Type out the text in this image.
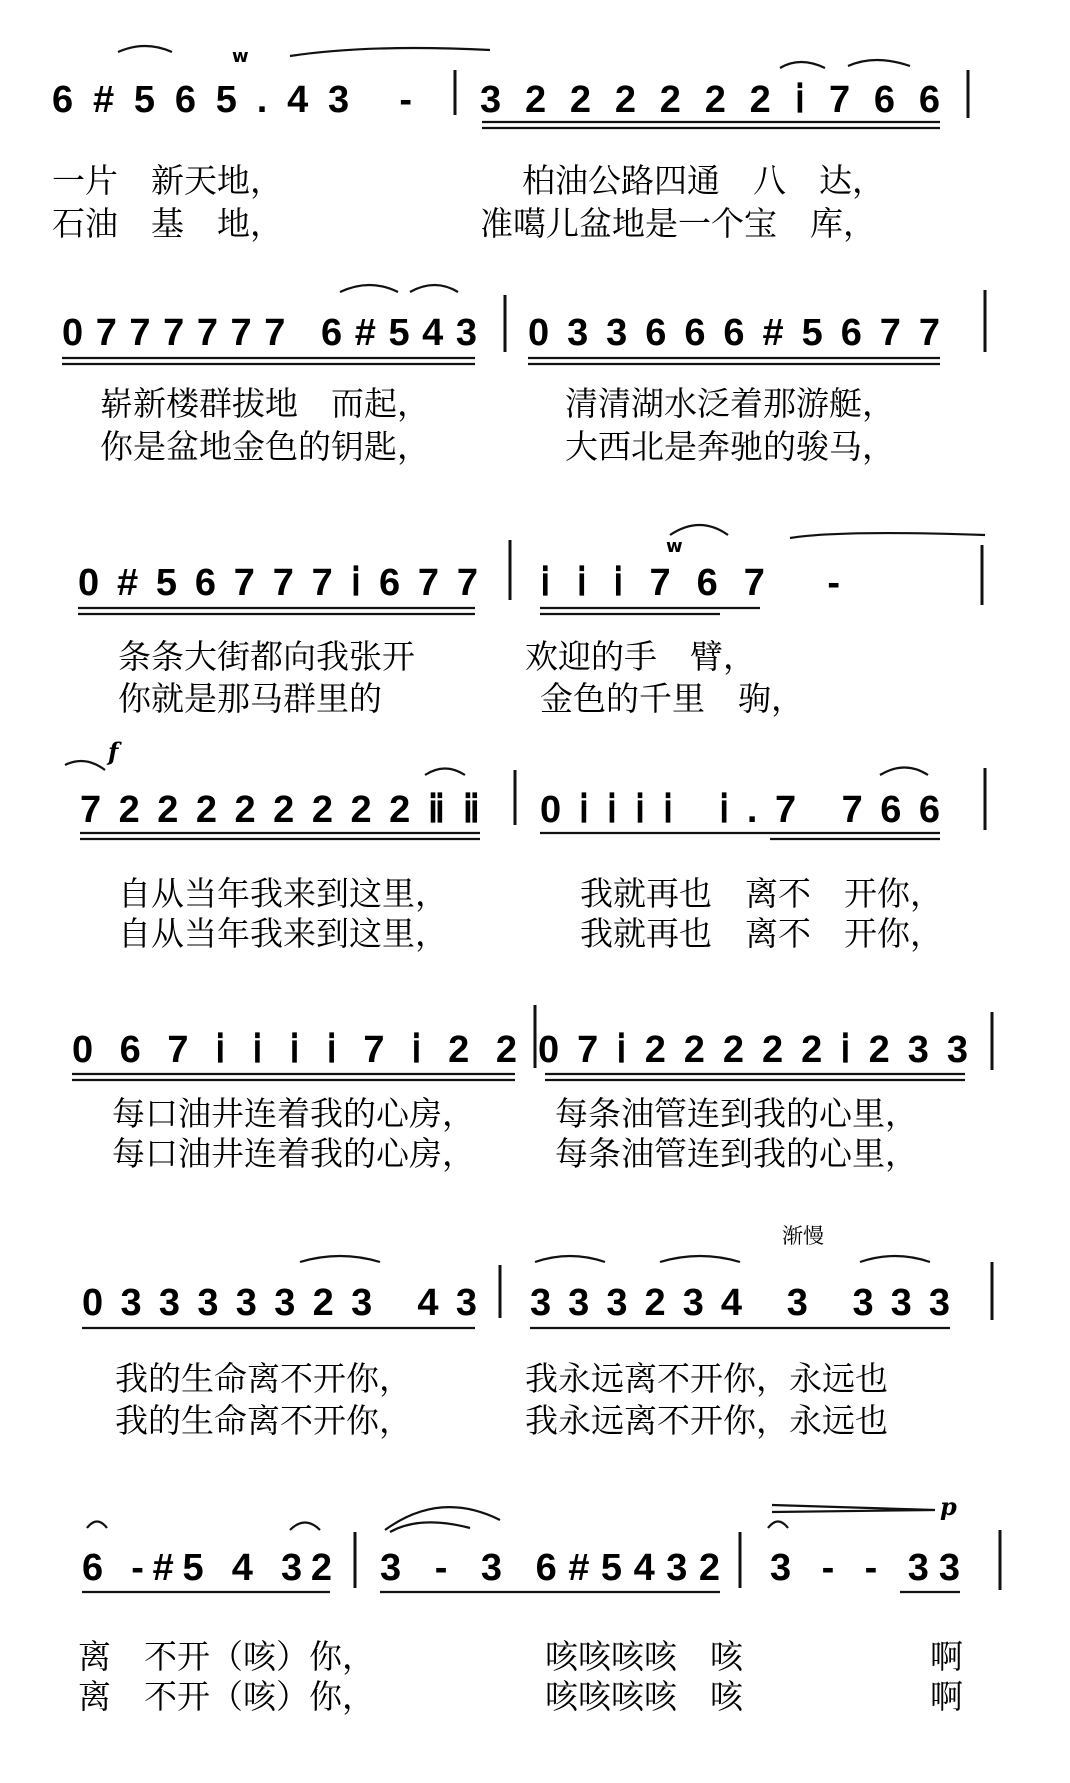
ᴡ
6#565.43 - 3222222ⅰ766
一片　新天地，	柏油公路四通　八　达，
石油　基　地，	准噶儿盆地是一个宝　库，
0777777 6#543 033666#5677
崭新楼群拔地　而起，	清清湖水泛着那游艇，
你是盆地金色的钥匙，	大西北是奔驰的骏马，
ᴡ
0#56777ⅰ677 ⅰⅰⅰ767 -
条条大街都向我张开	欢迎的手　臂，
你就是那马群里的	金色的千里　驹，
f
722222222ⅱⅱ 0ⅰⅰⅰⅰ ⅰ.7 766
自从当年我来到这里，	我就再也　离不　开你，
自从当年我来到这里，	我就再也　离不　开你，
067ⅰⅰⅰⅰ7ⅰ22 07ⅰ22222ⅰ233
每口油井连着我的心房， 每条油管连到我的心里，
每口油井连着我的心房， 每条油管连到我的心里，
渐慢
03333323 43 333234 3 333
我的生命离不开你，	我永远离不开你，永远也
我的生命离不开你，	我永远离不开你，永远也
p
6 -#5 4 32 3 - 3 6#5432 3 - - 33
离　不开（咳）你，	咳咳咳咳　咳	啊
离　不开（咳）你，	咳咳咳咳　咳	啊
